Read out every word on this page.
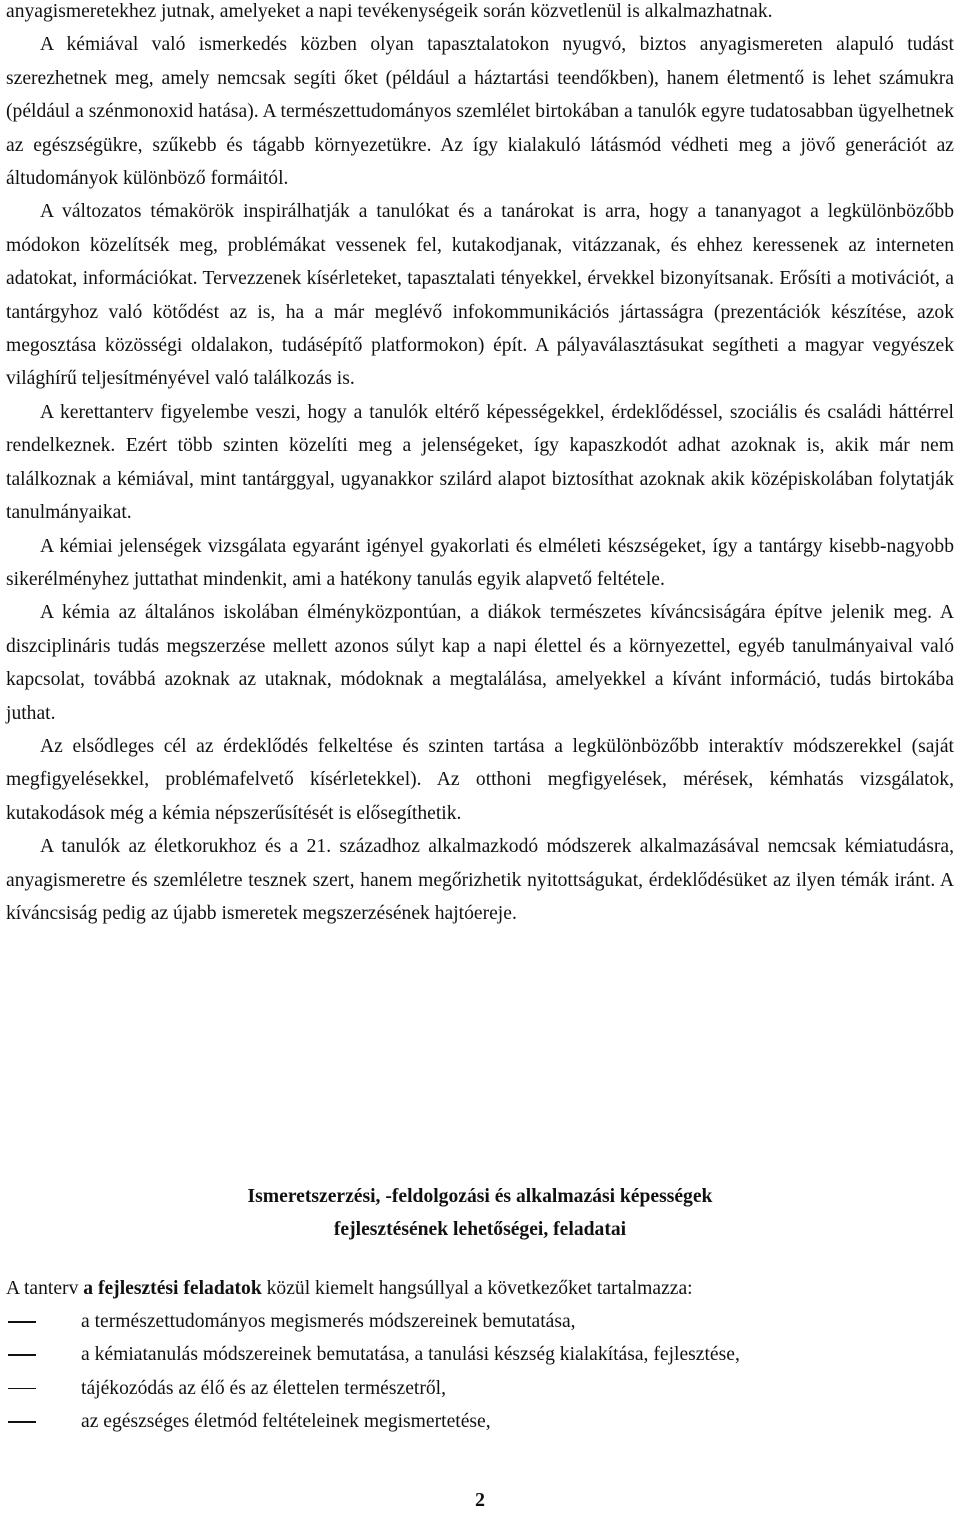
anyagismeretekhez jutnak, amelyeket a napi tevékenységeik során közvetlenül is alkalmazhatnak.

A kémiával való ismerkedés közben olyan tapasztalatokon nyugvó, biztos anyagismereten alapuló tudást szerezhetnek meg, amely nemcsak segíti őket (például a háztartási teendőkben), hanem életmentő is lehet számukra (például a szénmonoxid hatása). A természettudományos szemlélet birtokában a tanulók egyre tudatosabban ügyelhetnek az egészségükre, szűkebb és tágabb környezetükre. Az így kialakuló látásmód védheti meg a jövő generációt az áltudományok különböző formáitól.

A változatos témakörök inspirálhatják a tanulókat és a tanárokat is arra, hogy a tananyagot a legkülönbözőbb módokon közelítsék meg, problémákat vessenek fel, kutakodjanak, vitázzanak, és ehhez keressenek az interneten adatokat, információkat. Tervezzenek kísérleteket, tapasztalati tényekkel, érvekkel bizonyítsanak. Erősíti a motivációt, a tantárgyhoz való kötődést az is, ha a már meglévő infokommunikációs jártasságra (prezentációk készítése, azok megosztása közösségi oldalakon, tudásépítő platformokon) épít. A pályaválasztásukat segítheti a magyar vegyészek világhírű teljesítményével való találkozás is.

A kerettanterv figyelembe veszi, hogy a tanulók eltérő képességekkel, érdeklődéssel, szociális és családi háttérrel rendelkeznek. Ezért több szinten közelíti meg a jelenségeket, így kapaszkodót adhat azoknak is, akik már nem találkoznak a kémiával, mint tantárggyal, ugyanakkor szilárd alapot biztosíthat azoknak akik középiskolában folytatják tanulmányaikat.

A kémiai jelenségek vizsgálata egyaránt igényel gyakorlati és elméleti készségeket, így a tantárgy kisebb-nagyobb sikerélményhez juttathat mindenkit, ami a hatékony tanulás egyik alapvető feltétele.

A kémia az általános iskolában élményközpontúan, a diákok természetes kíváncsiságára építve jelenik meg. A diszciplináris tudás megszerzése mellett azonos súlyt kap a napi élettel és a környezettel, egyéb tanulmányaival való kapcsolat, továbbá azoknak az utaknak, módoknak a megtalálása, amelyekkel a kívánt információ, tudás birtokába juthat.

Az elsődleges cél az érdeklődés felkeltése és szinten tartása a legkülönbözőbb interaktív módszerekkel (saját megfigyelésekkel, problémafelvető kísérletekkel). Az otthoni megfigyelések, mérések, kémhatás vizsgálatok, kutakodások még a kémia népszerűsítését is elősegíthetik.

A tanulók az életkorukhoz és a 21. századhoz alkalmazkodó módszerek alkalmazásával nemcsak kémiatudásra, anyagismeretre és szemléletre tesznek szert, hanem megőrizhetik nyitottságukat, érdeklődésüket az ilyen témák iránt. A kíváncsiság pedig az újabb ismeretek megszerzésének hajtóereje.

Ismeretszerzési, -feldolgozási és alkalmazási képességek
fejlesztésének lehetőségei, feladatai
A tanterv a fejlesztési feladatok közül kiemelt hangsúllyal a következőket tartalmazza:
a természettudományos megismerés módszereinek bemutatása,
a kémiatanulás módszereinek bemutatása, a tanulási készség kialakítása, fejlesztése,
tájékozódás az élő és az élettelen természetről,
az egészséges életmód feltételeinek megismertetése,
2
